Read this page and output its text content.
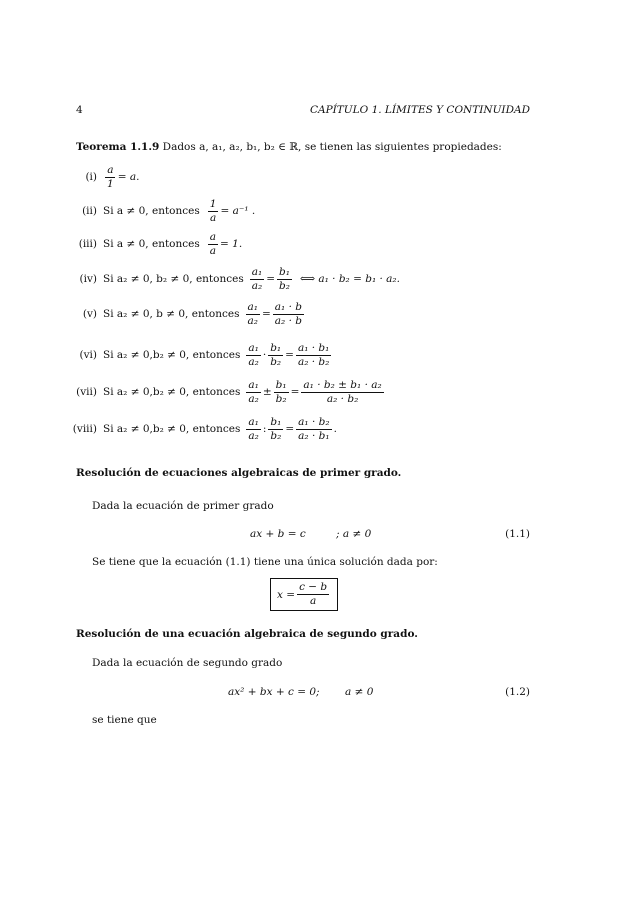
4	CAPÍTULO 1. LÍMITES Y CONTINUIDAD
Teorema 1.1.9 Dados a, a₁, a₂, b₁, b₂ ∈ ℝ, se tienen las siguientes propiedades:
$(i) \frac{a}{1} = a$.
(ii) Si a ≠ 0, entonces $\frac{1}{a} = a^{-1}$ .
(iii) Si a ≠ 0, entonces $\frac{a}{a} = 1$.
(iv) Si a₂ ≠ 0, b₂ ≠ 0, entonces $\frac{\text{a₁}}{\text{a₂}} = \frac{\text{b₁}}{\text{b₂}}$ ⟺ a₁ · b₂ = b₁ · a₂.
(v) Si a₂ ≠ 0, b ≠ 0, entonces $\frac{\text{a₁}}{\text{a₂}} = \frac{\text{a₁ · b}}{\text{a₂ · b}}$
(vi) Si a₂ ≠ 0,b₂ ≠ 0, entonces $\frac{\text{a₁}}{\text{a₂}} \cdot \frac{\text{b₁}}{\text{b₂}} = \frac{\text{a₁ · b₁}}{\text{a₂ · b₂}}$
(vii) Si a₂ ≠ 0,b₂ ≠ 0, entonces $\frac{\text{a₁}}{\text{a₂}} \pm \frac{\text{b₁}}{\text{b₂}} = \frac{\text{a₁ · b₂ ± b₁ · a₂}}{\text{a₂ · b₂}}$
(viii) Si a₂ ≠ 0,b₂ ≠ 0, entonces $\frac{\text{a₁}}{\text{a₂}}$ : $\frac{\text{b₁}}{\text{b₂}} = \frac{\text{a₁ · b₂}}{\text{a₂ · b₁}}$ .
Resolución de ecuaciones algebraicas de primer grado.
Dada la ecuación de primer grado
ax + b = c	; a ≠ 0	(1.1)
Se tiene que la ecuación (1.1) tiene una única solución dada por:
$x = \frac{c - b}{a}$
Resolución de una ecuación algebraica de segundo grado.
Dada la ecuación de segundo grado
ax² + bx + c = 0; a ≠ 0	(1.2)
se tiene que
